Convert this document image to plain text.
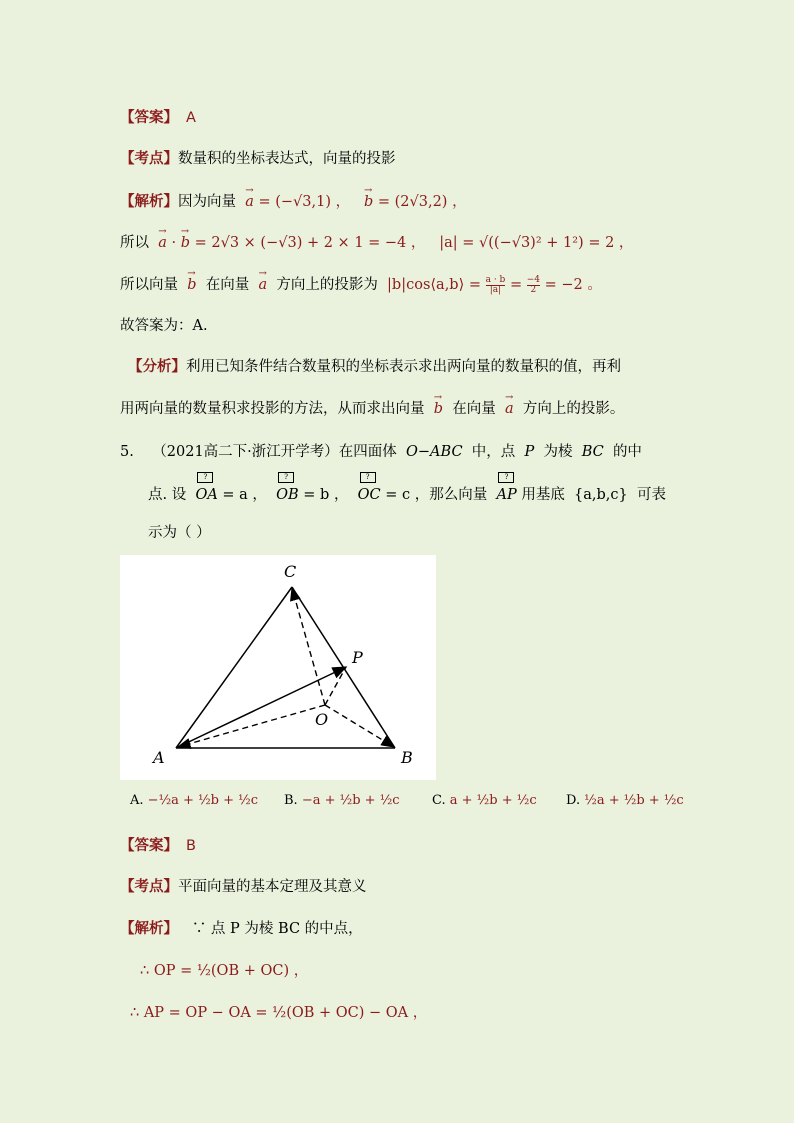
【答案】 A
【考点】数量积的坐标表达式，向量的投影
【解析】因为向量 → a = (−√3,1) ， → b = (2√3,2) ，
所以 → a · → b = 2√3 × (−√3) + 2 × 1 = −4 ， |a| = √((−√3)² + 1²) = 2 ，
所以向量 → b 在向量 → a 方向上的投影为 |b|cos⟨a,b⟩ = $\frac{a \cdot b}{|a|} = \frac{-4}{2} = -2$ 。
故答案为：A.
【分析】利用已知条件结合数量积的坐标表示求出两向量的数量积的值，再利
用两向量的数量积求投影的方法，从而求出向量 → b 在向量 → a 方向上的投影。
5. （2021高二下·浙江开学考）在四面体 O−ABC 中，点 P 为棱 BC 的中
点. 设
?
OA = a ，
?
OB = b ，
?
OC = c ，那么向量
?
AP 用基底 {a,b,c} 可表
示为（ ）
C
P
O
A	B
A. −½a + ½b + ½c B. −a + ½b + ½c C. a + ½b + ½c D. ½a + ½b + ½c
【答案】 B
【考点】平面向量的基本定理及其意义
【解析】 ∵ 点 P 为棱 BC 的中点，
∴ OP = ½(OB + OC) ，
∴ AP = OP − OA = ½(OB + OC) − OA ，
